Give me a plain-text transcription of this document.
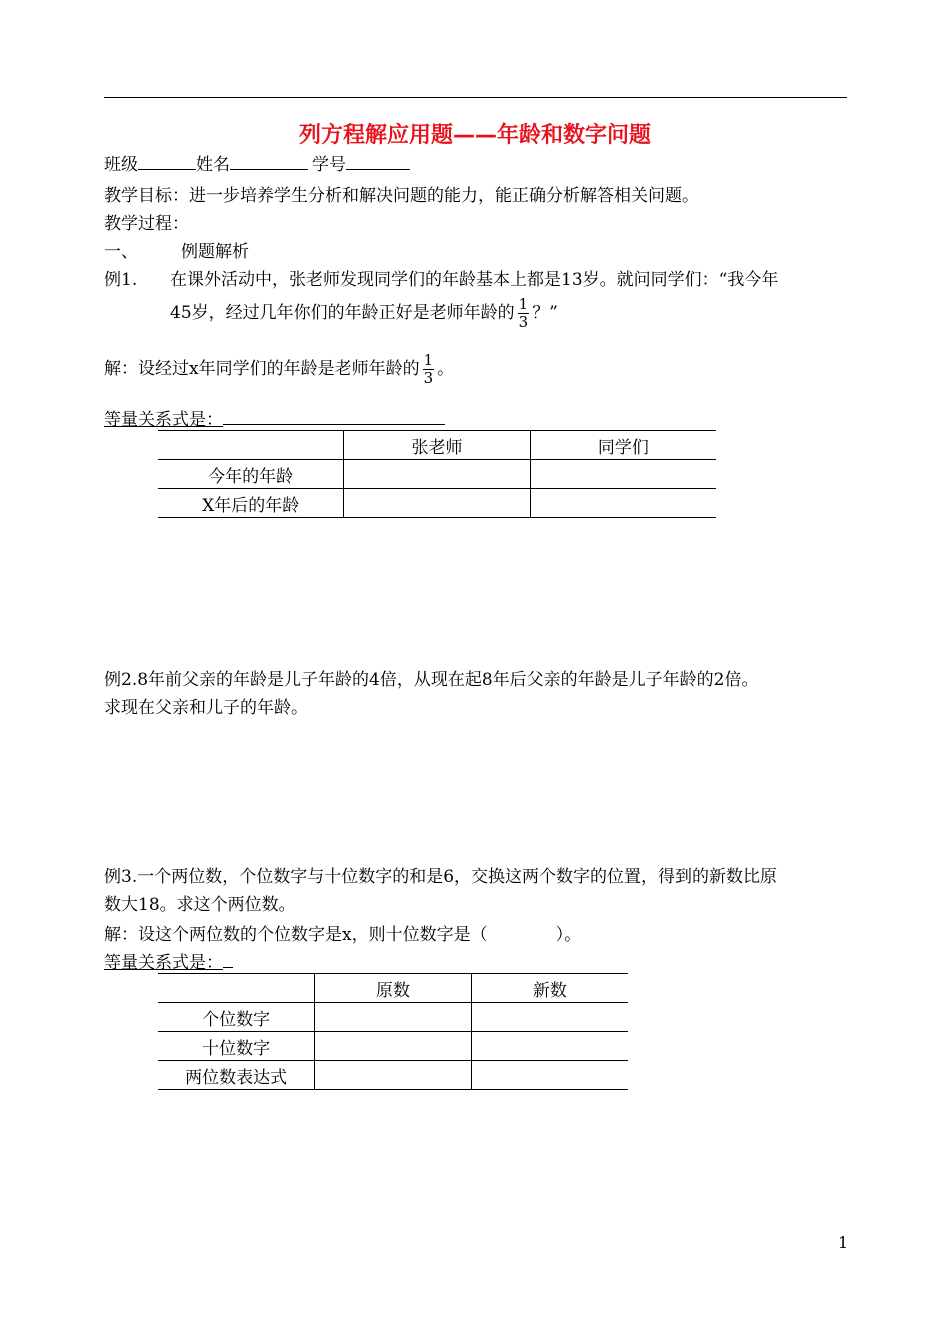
列方程解应用题——年龄和数字问题
班级	姓名	学号
教学目标：进一步培养学生分析和解决问题的能力，能正确分析解答相关问题。
教学过程：
一、	例题解析
例1. 在课外活动中，张老师发现同学们的年龄基本上都是13岁。就问同学们：“我今年
45岁，经过几年你们的年龄正好是老师年龄的 $\frac{1}{3}$ ？”
解：设经过x年同学们的年龄是老师年龄的 $\frac{1}{3}$ 。
等量关系式是：
	张老师	同学们
今年的年龄		
X年后的年龄		
例2.8年前父亲的年龄是儿子年龄的4倍，从现在起8年后父亲的年龄是儿子年龄的2倍。
求现在父亲和儿子的年龄。
例3.一个两位数，个位数字与十位数字的和是6，交换这两个数字的位置，得到的新数比原
数大18。求这个两位数。
解：设这个两位数的个位数字是x，则十位数字是（　　　　）。
等量关系式是：
	原数	新数
个位数字		
十位数字		
两位数表达式		
1
